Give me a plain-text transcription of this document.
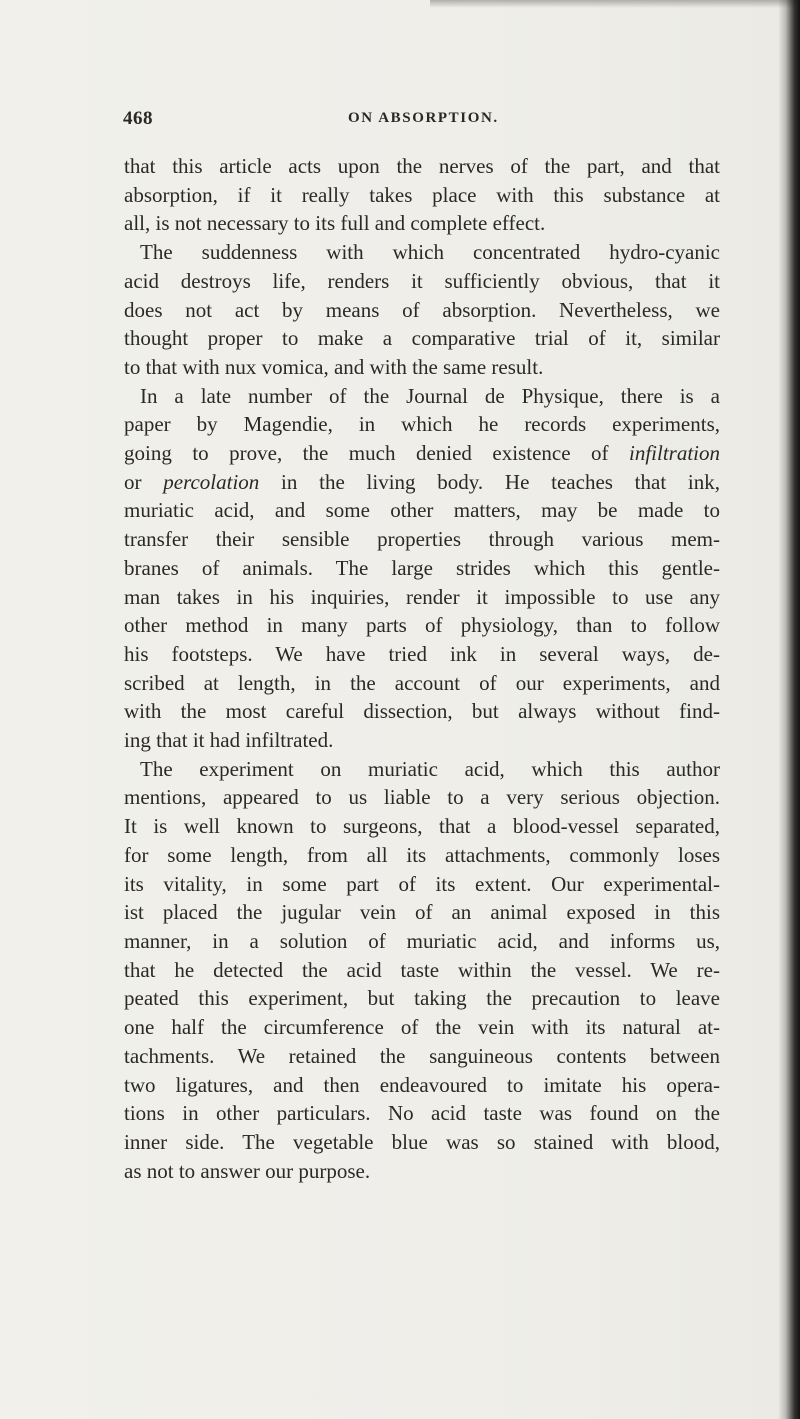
468	ON ABSORPTION.
that this article acts upon the nerves of the part, and that
absorption, if it really takes place with this substance at
all, is not necessary to its full and complete effect.
The suddenness with which concentrated hydro-cyanic
acid destroys life, renders it sufficiently obvious, that it
does not act by means of absorption. Nevertheless, we
thought proper to make a comparative trial of it, similar
to that with nux vomica, and with the same result.
In a late number of the Journal de Physique, there is a
paper by Magendie, in which he records experiments,
going to prove, the much denied existence of infiltration
or percolation in the living body. He teaches that ink,
muriatic acid, and some other matters, may be made to
transfer their sensible properties through various mem-
branes of animals. The large strides which this gentle-
man takes in his inquiries, render it impossible to use any
other method in many parts of physiology, than to follow
his footsteps. We have tried ink in several ways, de-
scribed at length, in the account of our experiments, and
with the most careful dissection, but always without find-
ing that it had infiltrated.
The experiment on muriatic acid, which this author
mentions, appeared to us liable to a very serious objection.
It is well known to surgeons, that a blood-vessel separated,
for some length, from all its attachments, commonly loses
its vitality, in some part of its extent. Our experimental-
ist placed the jugular vein of an animal exposed in this
manner, in a solution of muriatic acid, and informs us,
that he detected the acid taste within the vessel. We re-
peated this experiment, but taking the precaution to leave
one half the circumference of the vein with its natural at-
tachments. We retained the sanguineous contents between
two ligatures, and then endeavoured to imitate his opera-
tions in other particulars. No acid taste was found on the
inner side. The vegetable blue was so stained with blood,
as not to answer our purpose.
